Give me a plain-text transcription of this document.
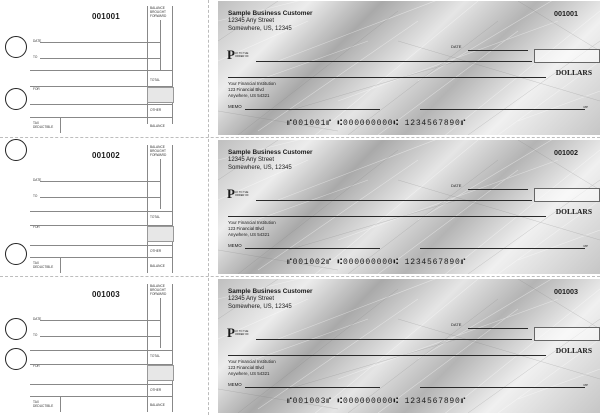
001001
BALANCE BROUGHT FORWARD
DATE
TO
TOTAL
FOR
OTHER
TAX DEDUCTIBLE	BALANCE
Sample Business Customer
12345 Any Street
Somewhere, US, 12345
001001
DATE
P AY TO THE ORDER OF
DOLLARS
Your Financial Institution
123 Financial Blvd
Anywhere, US 54321
MEMO	MP
⑈001001⑈ ⑆000000000⑆ 1234567890⑈
001002
BALANCE BROUGHT FORWARD
DATE
TO
TOTAL
FOR
OTHER
TAX DEDUCTIBLE	BALANCE
Sample Business Customer
12345 Any Street
Somewhere, US, 12345
001002
DATE
P AY TO THE ORDER OF
DOLLARS
Your Financial Institution
123 Financial Blvd
Anywhere, US 54321
MEMO	MP
⑈001002⑈ ⑆000000000⑆ 1234567890⑈
001003
BALANCE BROUGHT FORWARD
DATE
TO
TOTAL
FOR
OTHER
TAX DEDUCTIBLE	BALANCE
Sample Business Customer
12345 Any Street
Somewhere, US, 12345
001003
DATE
P AY TO THE ORDER OF
DOLLARS
Your Financial Institution
123 Financial Blvd
Anywhere, US 54321
MEMO	MP
⑈001003⑈ ⑆000000000⑆ 1234567890⑈
